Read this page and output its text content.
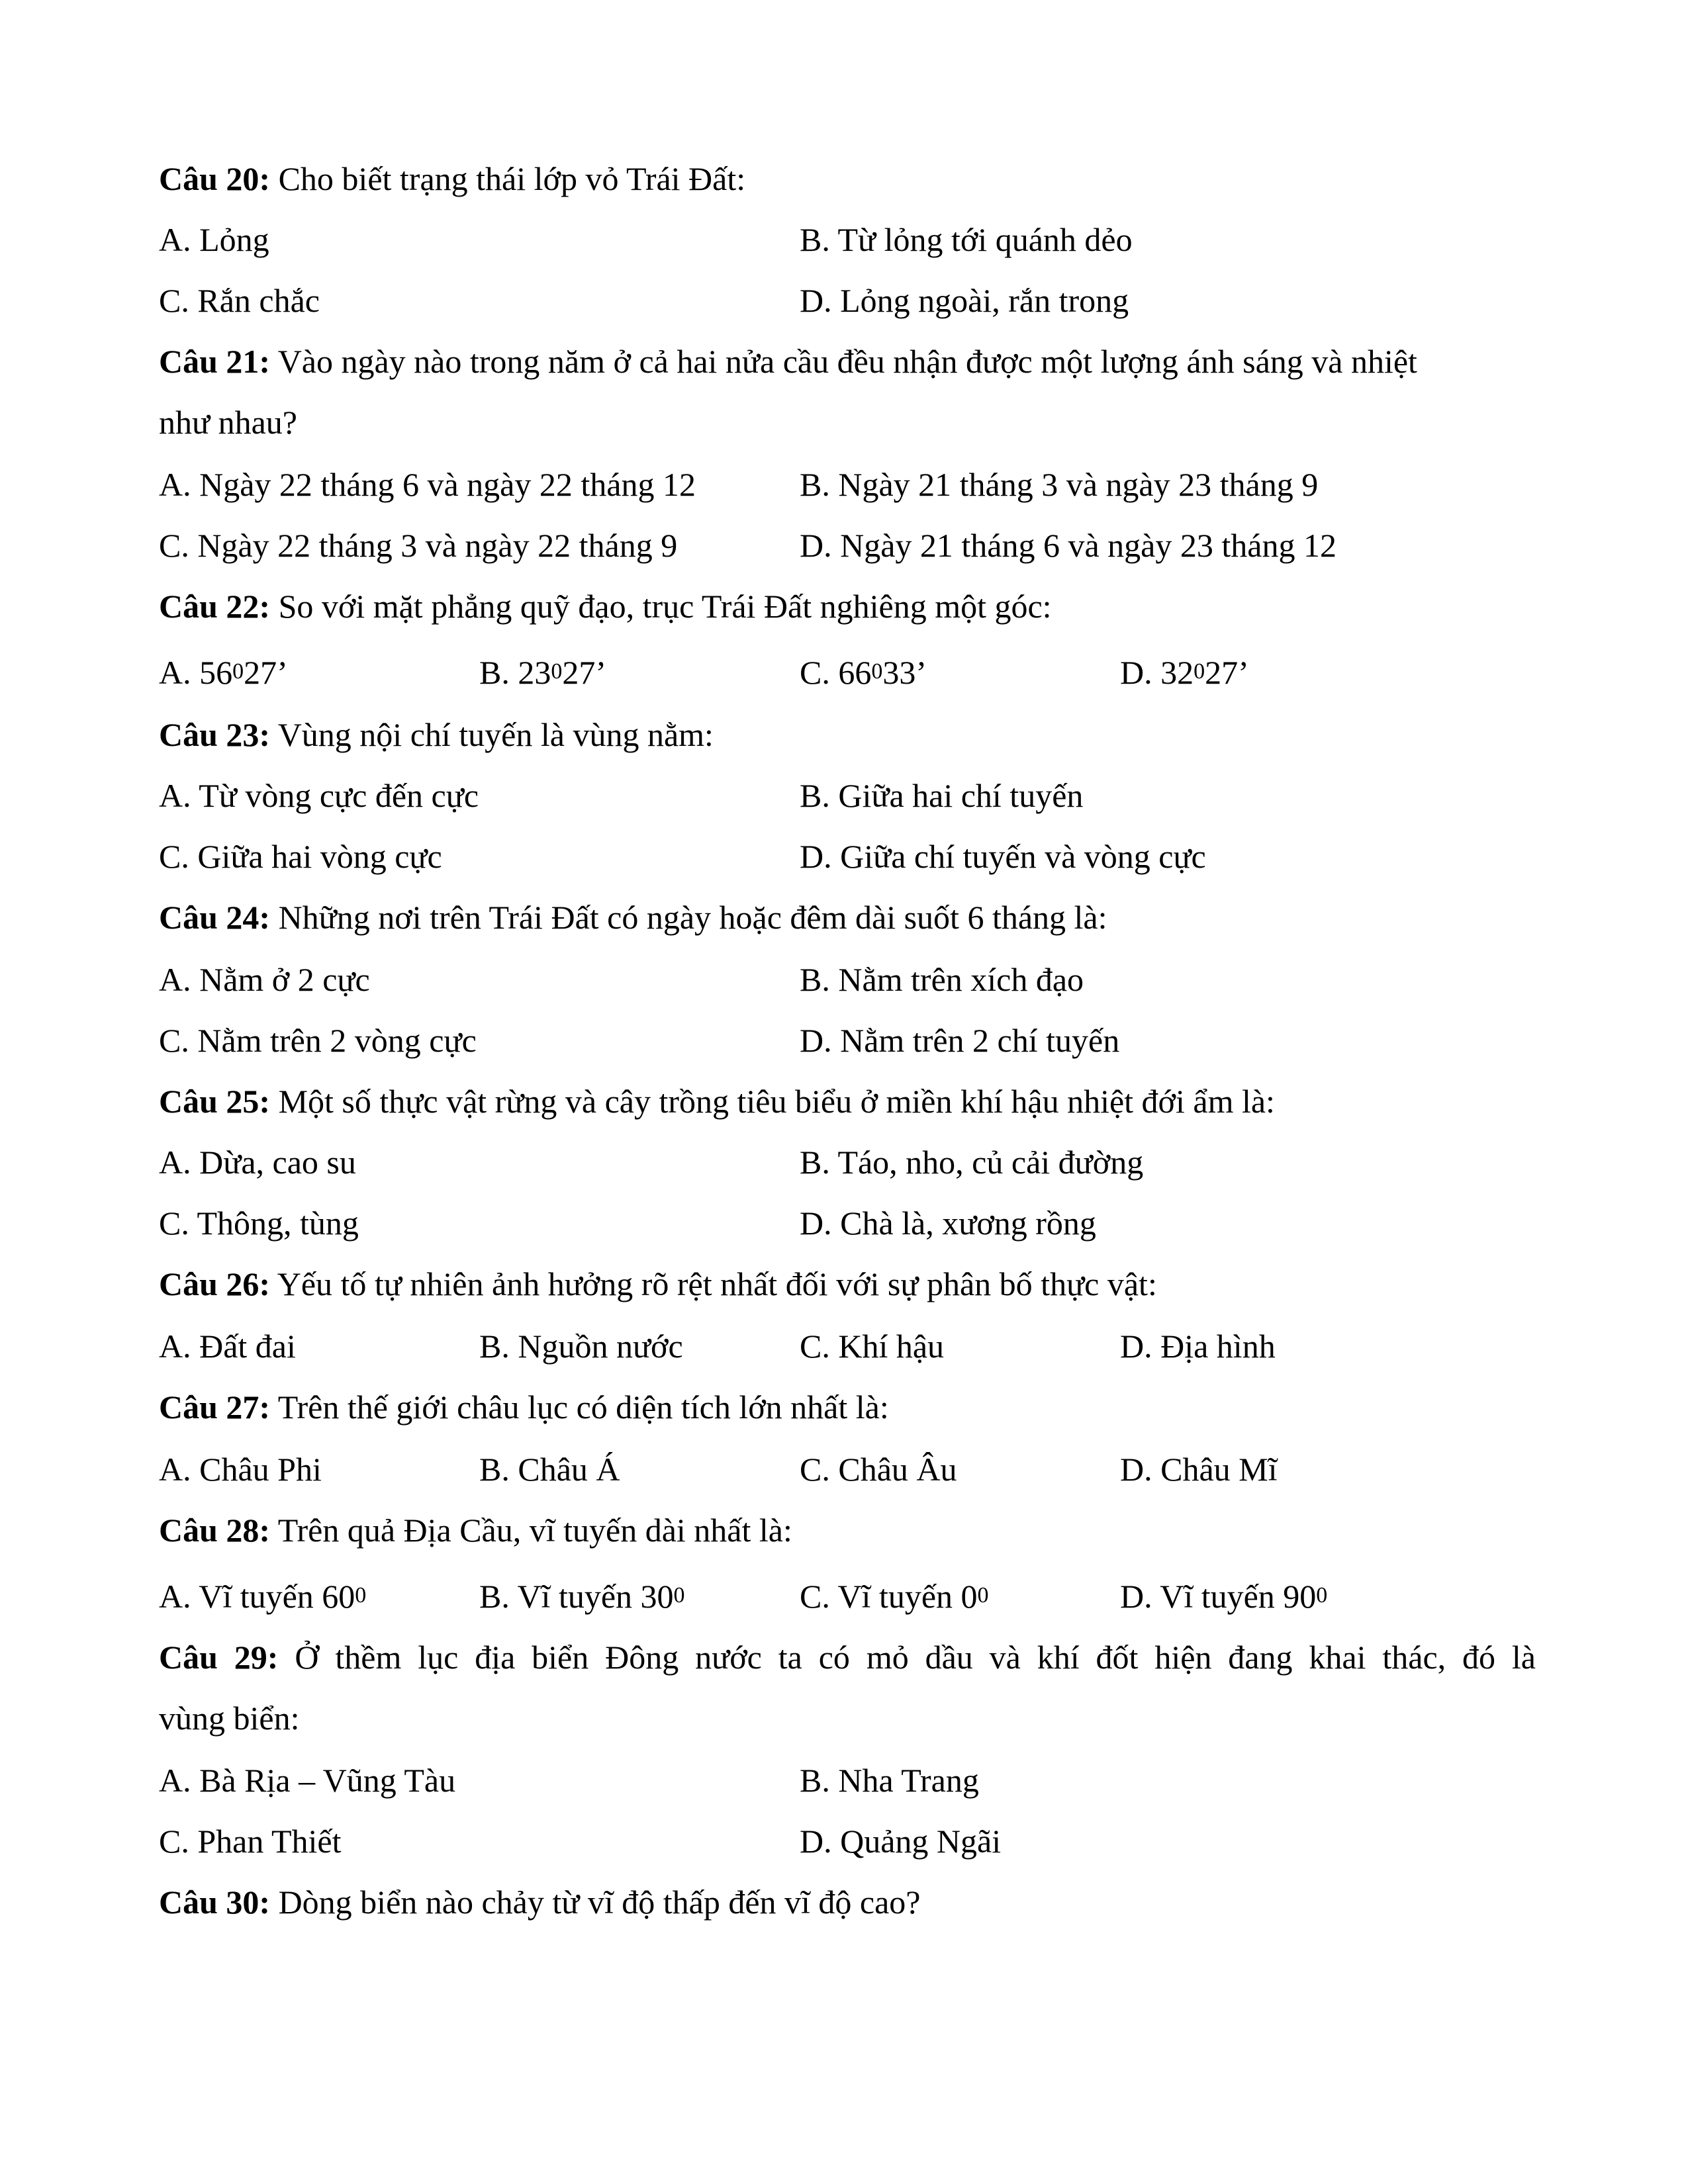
Câu 20: Cho biết trạng thái lớp vỏ Trái Đất:
A. Lỏng	B. Từ lỏng tới quánh dẻo
C. Rắn chắc	D. Lỏng ngoài, rắn trong
Câu 21: Vào ngày nào trong năm ở cả hai nửa cầu đều nhận được một lượng ánh sáng và nhiệt
như nhau?
A. Ngày 22 tháng 6 và ngày 22 tháng 12	B. Ngày 21 tháng 3 và ngày 23 tháng 9
C. Ngày 22 tháng 3 và ngày 22 tháng 9	D. Ngày 21 tháng 6 và ngày 23 tháng 12
Câu 22: So với mặt phẳng quỹ đạo, trục Trái Đất nghiêng một góc:
A. $56^027$’	B. $23^027$’	C. $66^033$’	D. $32^027$’
Câu 23: Vùng nội chí tuyến là vùng nằm:
A. Từ vòng cực đến cực	B. Giữa hai chí tuyến
C. Giữa hai vòng cực	D. Giữa chí tuyến và vòng cực
Câu 24: Những nơi trên Trái Đất có ngày hoặc đêm dài suốt 6 tháng là:
A. Nằm ở 2 cực	B. Nằm trên xích đạo
C. Nằm trên 2 vòng cực	D. Nằm trên 2 chí tuyến
Câu 25: Một số thực vật rừng và cây trồng tiêu biểu ở miền khí hậu nhiệt đới ẩm là:
A. Dừa, cao su	B. Táo, nho, củ cải đường
C. Thông, tùng	D. Chà là, xương rồng
Câu 26: Yếu tố tự nhiên ảnh hưởng rõ rệt nhất đối với sự phân bố thực vật:
A. Đất đai	B. Nguồn nước	C. Khí hậu	D. Địa hình
Câu 27: Trên thế giới châu lục có diện tích lớn nhất là:
A. Châu Phi	B. Châu Á	C. Châu Âu	D. Châu Mĩ
Câu 28: Trên quả Địa Cầu, vĩ tuyến dài nhất là:
A. Vĩ tuyến $60^0$	B. Vĩ tuyến $30^0$	C. Vĩ tuyến $0^0$	D. Vĩ tuyến $90^0$
Câu 29: Ở thềm lục địa biển Đông nước ta có mỏ dầu và khí đốt hiện đang khai thác, đó là
vùng biển:
A. Bà Rịa – Vũng Tàu	B. Nha Trang
C. Phan Thiết	D. Quảng Ngãi
Câu 30: Dòng biển nào chảy từ vĩ độ thấp đến vĩ độ cao?
